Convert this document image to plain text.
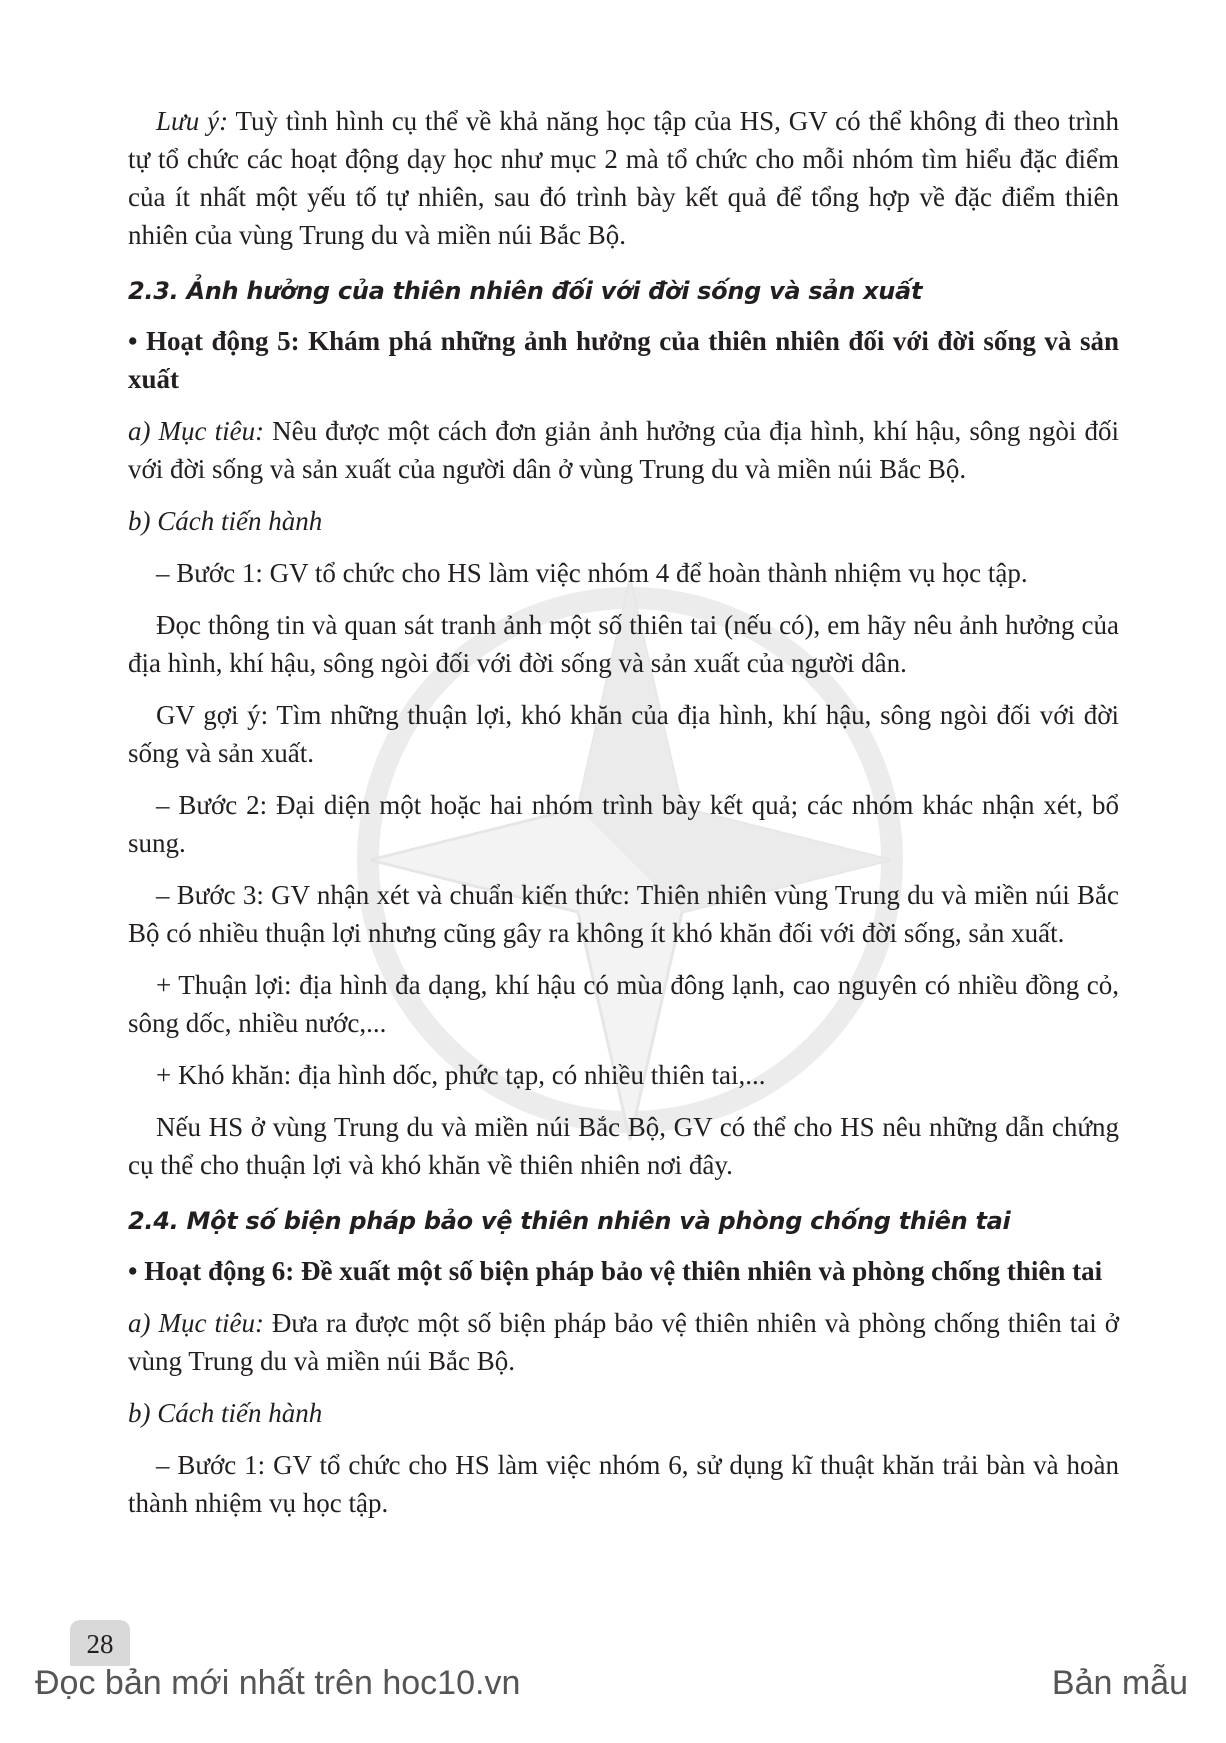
Lưu ý: Tuỳ tình hình cụ thể về khả năng học tập của HS, GV có thể không đi theo trình tự tổ chức các hoạt động dạy học như mục 2 mà tổ chức cho mỗi nhóm tìm hiểu đặc điểm của ít nhất một yếu tố tự nhiên, sau đó trình bày kết quả để tổng hợp về đặc điểm thiên nhiên của vùng Trung du và miền núi Bắc Bộ.

2.3. Ảnh hưởng của thiên nhiên đối với đời sống và sản xuất

• Hoạt động 5: Khám phá những ảnh hưởng của thiên nhiên đối với đời sống và sản xuất

a) Mục tiêu: Nêu được một cách đơn giản ảnh hưởng của địa hình, khí hậu, sông ngòi đối với đời sống và sản xuất của người dân ở vùng Trung du và miền núi Bắc Bộ.

b) Cách tiến hành

– Bước 1: GV tổ chức cho HS làm việc nhóm 4 để hoàn thành nhiệm vụ học tập.

Đọc thông tin và quan sát tranh ảnh một số thiên tai (nếu có), em hãy nêu ảnh hưởng của địa hình, khí hậu, sông ngòi đối với đời sống và sản xuất của người dân.

GV gợi ý: Tìm những thuận lợi, khó khăn của địa hình, khí hậu, sông ngòi đối với đời sống và sản xuất.

– Bước 2: Đại diện một hoặc hai nhóm trình bày kết quả; các nhóm khác nhận xét, bổ sung.

– Bước 3: GV nhận xét và chuẩn kiến thức: Thiên nhiên vùng Trung du và miền núi Bắc Bộ có nhiều thuận lợi nhưng cũng gây ra không ít khó khăn đối với đời sống, sản xuất.

+ Thuận lợi: địa hình đa dạng, khí hậu có mùa đông lạnh, cao nguyên có nhiều đồng cỏ, sông dốc, nhiều nước,...

+ Khó khăn: địa hình dốc, phức tạp, có nhiều thiên tai,...

Nếu HS ở vùng Trung du và miền núi Bắc Bộ, GV có thể cho HS nêu những dẫn chứng cụ thể cho thuận lợi và khó khăn về thiên nhiên nơi đây.

2.4. Một số biện pháp bảo vệ thiên nhiên và phòng chống thiên tai

• Hoạt động 6: Đề xuất một số biện pháp bảo vệ thiên nhiên và phòng chống thiên tai

a) Mục tiêu: Đưa ra được một số biện pháp bảo vệ thiên nhiên và phòng chống thiên tai ở vùng Trung du và miền núi Bắc Bộ.

b) Cách tiến hành

– Bước 1: GV tổ chức cho HS làm việc nhóm 6, sử dụng kĩ thuật khăn trải bàn và hoàn thành nhiệm vụ học tập.

28
Đọc bản mới nhất trên hoc10.vn	Bản mẫu
